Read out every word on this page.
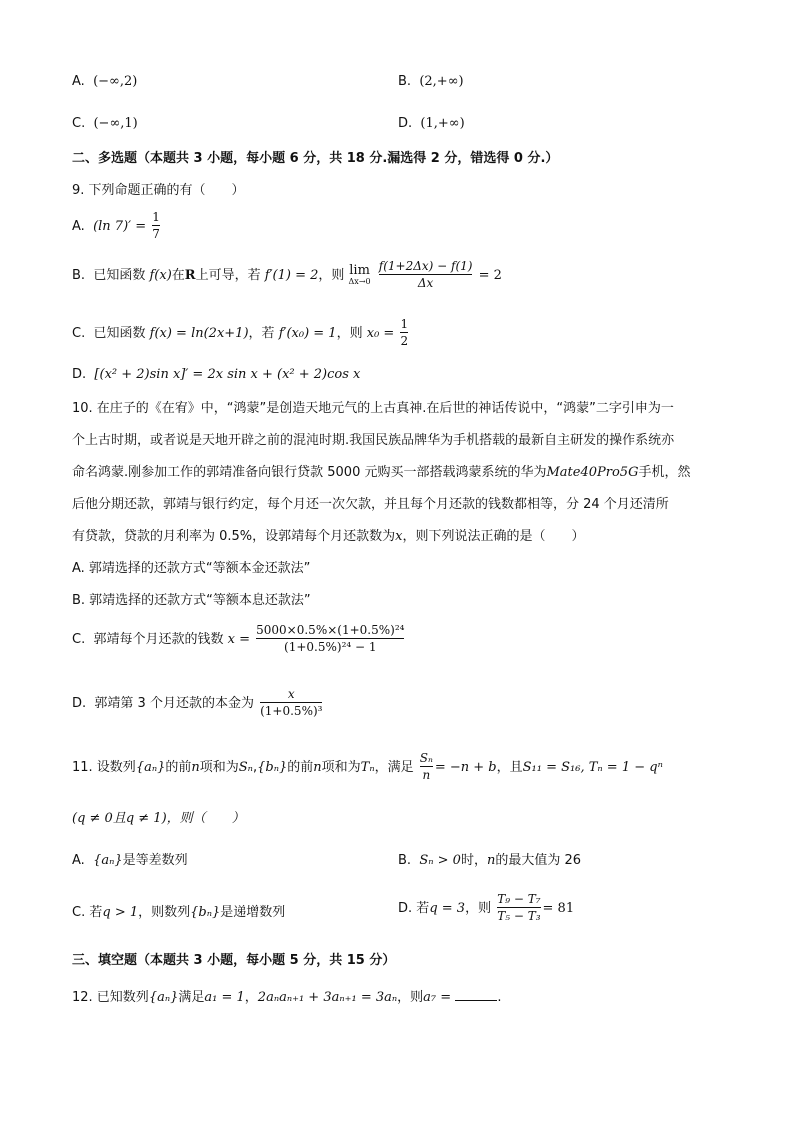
A. (−∞,2)	B. (2,+∞)
C. (−∞,1)	D. (1,+∞)
二、多选题（本题共 3 小题，每小题 6 分，共 18 分.漏选得 2 分，错选得 0 分.）
9. 下列命题正确的有（　　）
A. (ln $7)' = \frac{1}{7}$
B. 已知函数 f(x)在R上可导，若 f′(1) = 2，则 lim
Δx→0
$\frac{f(1+2\Delta x) - f(1)}{\Delta x} = 2$
C. 已知函数 f(x) = ln(2x+1)，若 f′(x₀) = 1，则 $x_0 = \frac{1}{2}$
D. [(x² + 2)sin x]′ = 2x sin x + (x² + 2)cos x
10. 在庄子的《在宥》中，“鸿蒙”是创造天地元气的上古真神.在后世的神话传说中，“鸿蒙”二字引申为一
个上古时期，或者说是天地开辟之前的混沌时期.我国民族品牌华为手机搭载的最新自主研发的操作系统亦
命名鸿蒙.刚参加工作的郭靖准备向银行贷款 5000 元购买一部搭载鸿蒙系统的华为Mate40Pro5G手机，然
后他分期还款，郭靖与银行约定，每个月还一次欠款，并且每个月还款的钱数都相等，分 24 个月还清所
有贷款，贷款的月利率为 0.5%，设郭靖每个月还款数为x，则下列说法正确的是（　　）
A. 郭靖选择的还款方式“等额本金还款法”
B. 郭靖选择的还款方式“等额本息还款法”
C. 郭靖每个月还款的钱数 $x = \frac{\text{5000×0.5\%×(1+0.5\%)²⁴}}{\text{(1+0.5\%)²⁴ − 1}}$
D. 郭靖第 3 个月还款的本金为 $\frac{x}{\text{(1+0.5\%)³}}$
11. 设数列{aₙ}的前n项和为Sₙ,{bₙ}的前n项和为Tₙ，满足 $\frac{\text{Sₙ}}{n} = -n + b$，且S₁₁ = S₁₆, Tₙ = 1 − qⁿ
(q ≠ 0且q ≠ 1)，则（　　）
A. {aₙ}是等差数列	B. Sₙ > 0时，n的最大值为 26
C. 若q > 1，则数列{bₙ}是递增数列	D. 若q = 3，则 $\frac{\text{T₉ − T₇}}{\text{T₅ − T₃}} = 81$
三、填空题（本题共 3 小题，每小题 5 分，共 15 分）
12. 已知数列{aₙ}满足a₁ = 1，2aₙaₙ₊₁ + 3aₙ₊₁ = 3aₙ，则a₇ =	.
